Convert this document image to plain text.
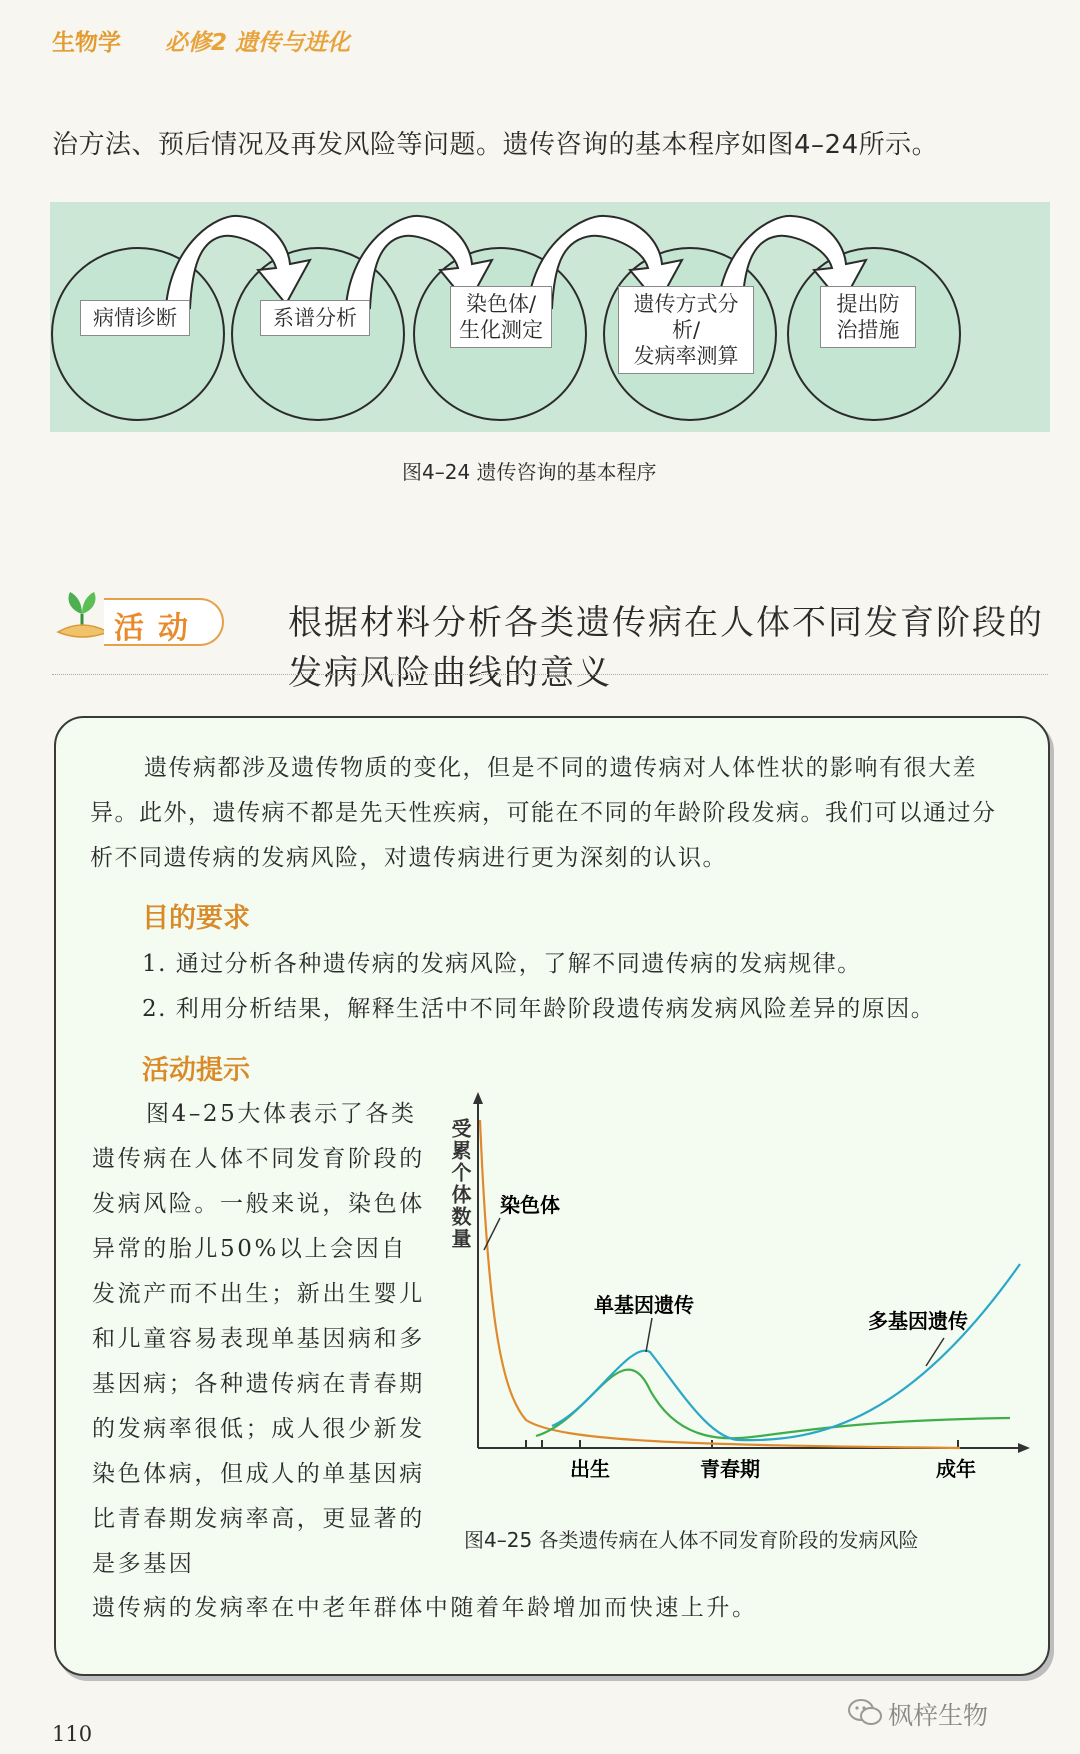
生物学 必修2 遗传与进化
治方法、预后情况及再发风险等问题。遗传咨询的基本程序如图4–24所示。
病情诊断	系谱分析
染色体/
生化测定
遗传方式分析/
发病率测算
提出防
治措施
图4–24 遗传咨询的基本程序
活动	根据材料分析各类遗传病在人体不同发育阶段的发病风险曲线的意义
遗传病都涉及遗传物质的变化，但是不同的遗传病对人体性状的影响有很大差异。此外，遗传病不都是先天性疾病，可能在不同的年龄阶段发病。我们可以通过分析不同遗传病的发病风险，对遗传病进行更为深刻的认识。
目的要求
1. 通过分析各种遗传病的发病风险，了解不同遗传病的发病规律。
2. 利用分析结果，解释生活中不同年龄阶段遗传病发病风险差异的原因。
活动提示
图4–25大体表示了各类遗传病在人体不同发育阶段的发病风险。一般来说，染色体异常的胎儿50%以上会因自发流产而不出生；新出生婴儿和儿童容易表现单基因病和多基因病；各种遗传病在青春期的发病率很低；成人很少新发染色体病，但成人的单基因病比青春期发病率高，更显著的是多基因
遗传病的发病率在中老年群体中随着年龄增加而快速上升。
受累个体数量
出生	青春期	成年
染色体
单基因遗传
多基因遗传
图4–25 各类遗传病在人体不同发育阶段的发病风险
110
枫梓生物
